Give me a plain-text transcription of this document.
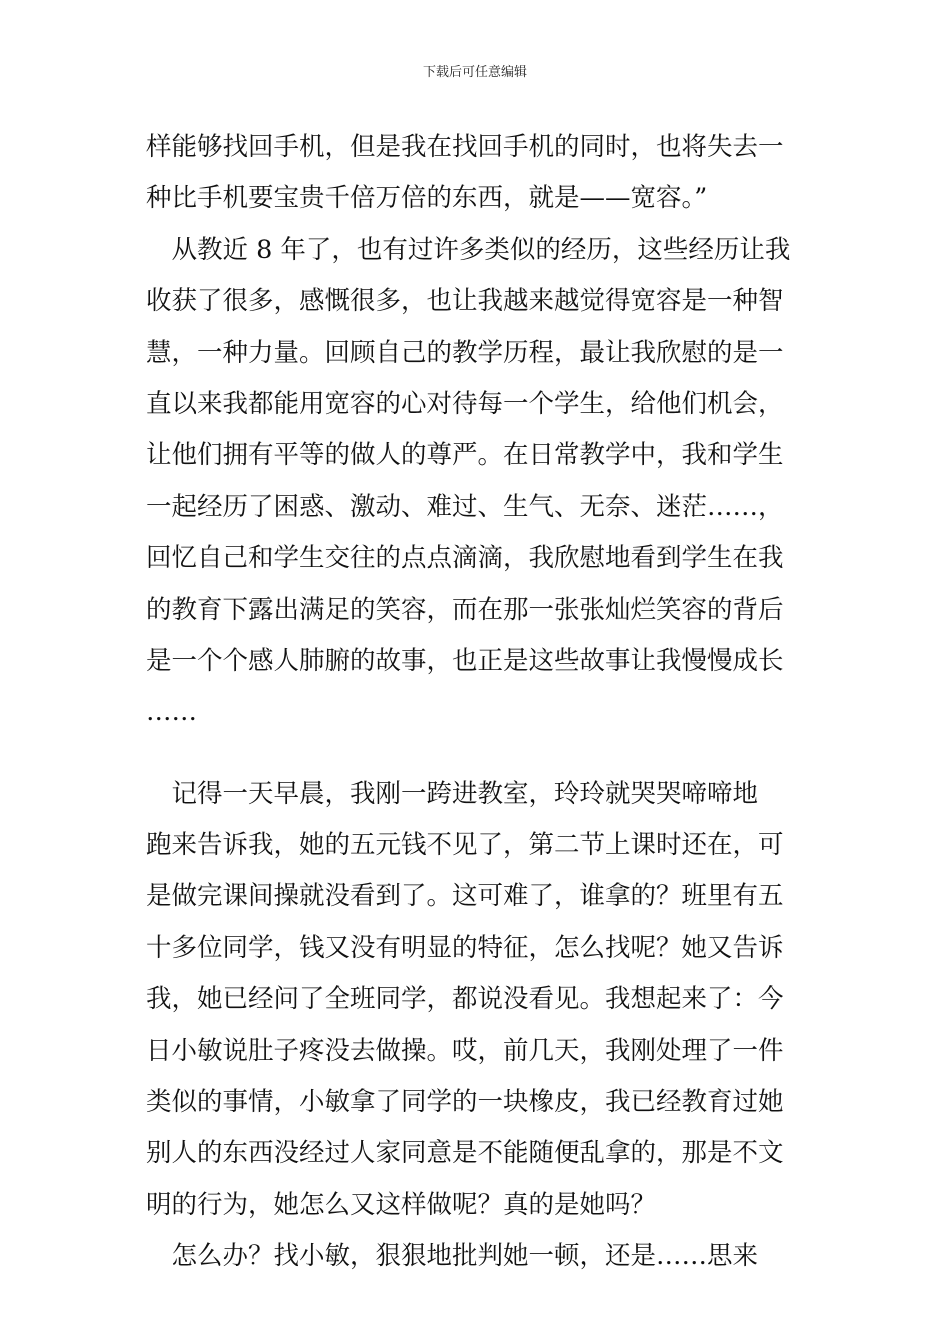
下载后可任意编辑
样能够找回手机，但是我在找回手机的同时，也将失去一
种比手机要宝贵千倍万倍的东西，就是——宽容。”
　从教近 8 年了，也有过许多类似的经历，这些经历让我
收获了很多，感慨很多，也让我越来越觉得宽容是一种智
慧，一种力量。回顾自己的教学历程，最让我欣慰的是一
直以来我都能用宽容的心对待每一个学生，给他们机会，
让他们拥有平等的做人的尊严。在日常教学中，我和学生
一起经历了困惑、激动、难过、生气、无奈、迷茫……，
回忆自己和学生交往的点点滴滴，我欣慰地看到学生在我
的教育下露出满足的笑容，而在那一张张灿烂笑容的背后
是一个个感人肺腑的故事，也正是这些故事让我慢慢成长
……
　记得一天早晨，我刚一跨进教室，玲玲就哭哭啼啼地
跑来告诉我，她的五元钱不见了，第二节上课时还在，可
是做完课间操就没看到了。这可难了，谁拿的？班里有五
十多位同学，钱又没有明显的特征，怎么找呢？她又告诉
我，她已经问了全班同学，都说没看见。我想起来了：今
日小敏说肚子疼没去做操。哎，前几天，我刚处理了一件
类似的事情，小敏拿了同学的一块橡皮，我已经教育过她
别人的东西没经过人家同意是不能随便乱拿的，那是不文
明的行为，她怎么又这样做呢？真的是她吗？
　怎么办？找小敏，狠狠地批判她一顿，还是……思来
